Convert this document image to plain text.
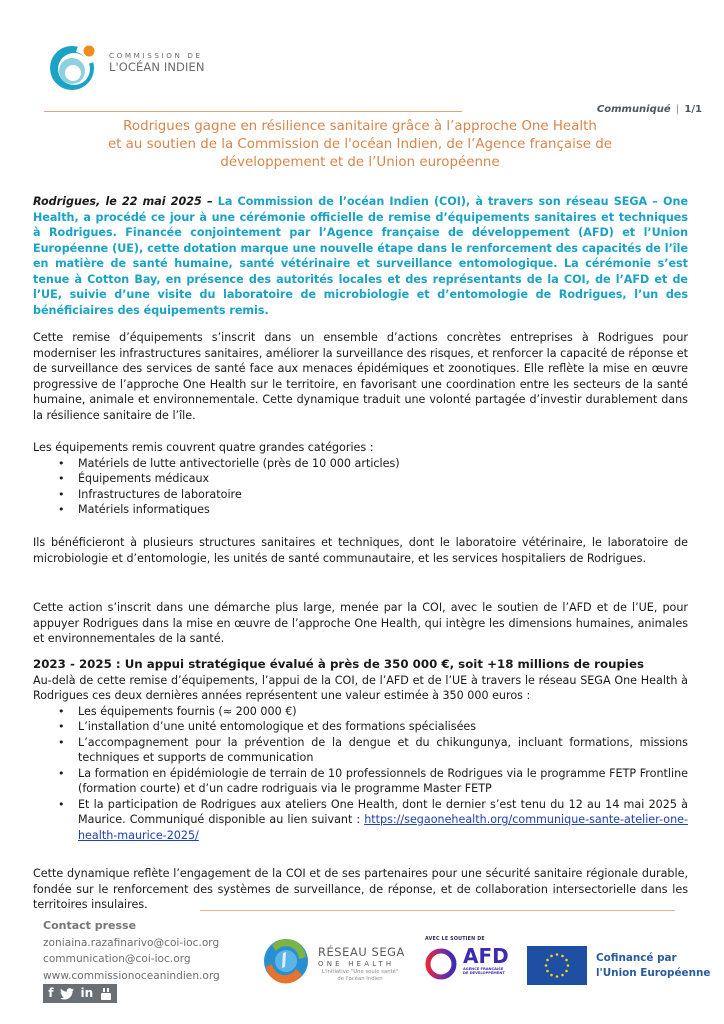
COMMISSION DE
L'OCÉAN INDIEN
Communiqué | 1/1
Rodrigues gagne en résilience sanitaire grâce à l’approche One Health
et au soutien de la Commission de l'océan Indien, de l’Agence française de
développement et de l’Union européenne
Rodrigues, le 22 mai 2025 – La Commission de l’océan Indien (COI), à travers son réseau SEGA – One Health, a procédé ce jour à une cérémonie officielle de remise d’équipements sanitaires et techniques à Rodrigues. Financée conjointement par l’Agence française de développement (AFD) et l’Union Européenne (UE), cette dotation marque une nouvelle étape dans le renforcement des capacités de l’île en matière de santé humaine, santé vétérinaire et surveillance entomologique. La cérémonie s’est tenue à Cotton Bay, en présence des autorités locales et des représentants de la COI, de l’AFD et de l’UE, suivie d’une visite du laboratoire de microbiologie et d’entomologie de Rodrigues, l’un des bénéficiaires des équipements remis.
Cette remise d’équipements s’inscrit dans un ensemble d’actions concrètes entreprises à Rodrigues pour moderniser les infrastructures sanitaires, améliorer la surveillance des risques, et renforcer la capacité de réponse et de surveillance des services de santé face aux menaces épidémiques et zoonotiques. Elle reflète la mise en œuvre progressive de l’approche One Health sur le territoire, en favorisant une coordination entre les secteurs de la santé humaine, animale et environnementale. Cette dynamique traduit une volonté partagée d’investir durablement dans la résilience sanitaire de l’île.
Les équipements remis couvrent quatre grandes catégories :
• Matériels de lutte antivectorielle (près de 10 000 articles)
• Équipements médicaux
• Infrastructures de laboratoire
• Matériels informatiques
Ils bénéficieront à plusieurs structures sanitaires et techniques, dont le laboratoire vétérinaire, le laboratoire de microbiologie et d’entomologie, les unités de santé communautaire, et les services hospitaliers de Rodrigues.
Cette action s’inscrit dans une démarche plus large, menée par la COI, avec le soutien de l’AFD et de l’UE, pour appuyer Rodrigues dans la mise en œuvre de l’approche One Health, qui intègre les dimensions humaines, animales et environnementales de la santé.
2023 - 2025 : Un appui stratégique évalué à près de 350 000 €, soit +18 millions de roupies
Au-delà de cette remise d’équipements, l’appui de la COI, de l’AFD et de l’UE à travers le réseau SEGA One Health à Rodrigues ces deux dernières années représentent une valeur estimée à 350 000 euros :
• Les équipements fournis (≈ 200 000 €)
• L’installation d’une unité entomologique et des formations spécialisées
• L’accompagnement pour la prévention de la dengue et du chikungunya, incluant formations, missions techniques et supports de communication
• La formation en épidémiologie de terrain de 10 professionnels de Rodrigues via le programme FETP Frontline (formation courte) et d’un cadre rodriguais via le programme Master FETP
• Et la participation de Rodrigues aux ateliers One Health, dont le dernier s’est tenu du 12 au 14 mai 2025 à Maurice. Communiqué disponible au lien suivant : https://segaonehealth.org/communique-sante-atelier-one-health-maurice-2025/
Cette dynamique reflète l’engagement de la COI et de ses partenaires pour une sécurité sanitaire régionale durable, fondée sur le renforcement des systèmes de surveillance, de réponse, et de collaboration intersectorielle dans les territoires insulaires.
Contact presse
zoniaina.razafinarivo@coi-ioc.org
communication@coi-ioc.org
www.commissionoceanindien.org
f in
RÉSEAU SEGA
ONE HEALTH
L'initiative "Une seule santé"
de l'océan Indien
AVEC LE SOUTIEN DE
AFD
AGENCE FRANÇAISE
DE DÉVELOPPEMENT
Cofinancé par
l'Union Européenne
